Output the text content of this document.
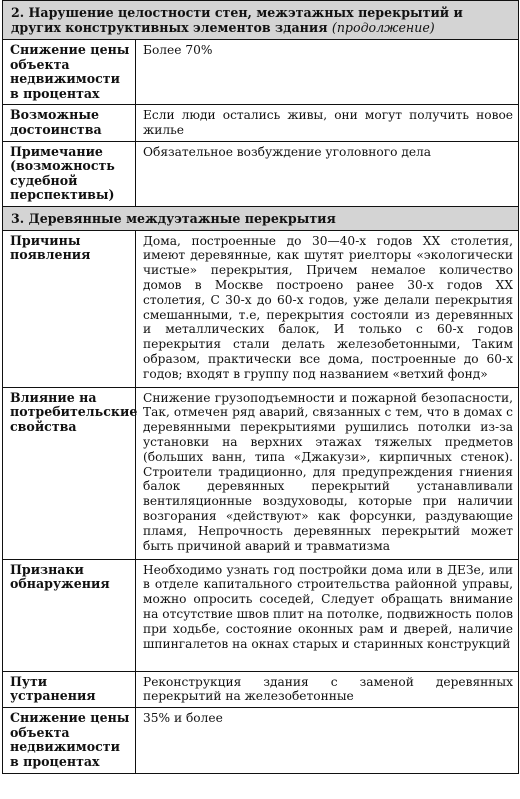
2. Нарушение целостности стен, межэтажных перекрытий и других конструктивных элементов здания (продолжение)	
Снижение цены объекта недвижимости в процентах	Более 70%
Возможные достоинства	Если люди остались живы, они могут получить новое жилье
Примечание (возможность судебной перспективы)	Обязательное возбуждение уголовного дела
3. Деревянные междуэтажные перекрытия	
Причины появления	Дома, построенные до 30—40-х годов XX столетия, имеют деревянные, как шутят риелторы «экологически чистые» перекрытия, Причем немалое количество домов в Москве построено ранее 30-х годов XX столетия, С 30-х до 60-х годов, уже делали перекрытия смешанными, т.е, перекрытия состояли из деревянных и металлических балок, И только с 60-х годов перекрытия стали делать железобетонными, Таким образом, практически все дома, построенные до 60-х годов; входят в группу под названием «ветхий фонд»
Влияние на потребительские свойства	Снижение грузоподъемности и пожарной безопасности, Так, отмечен ряд аварий, связанных с тем, что в домах с деревянными перекрытиями рушились потолки из-за установки на верхних этажах тяжелых предметов (больших ванн, типа «Джакузи», кирпичных стенок). Строители традиционно, для предупреждения гниения балок деревянных перекрытий устанавливали вентиляционные воздуховоды, которые при наличии возгорания «действуют» как форсунки, раздувающие пламя, Непрочность деревянных перекрытий может быть причиной аварий и травматизма
Признаки обнаружения	Необходимо узнать год постройки дома или в ДЕЗе, или в отделе капитального строительства районной управы, можно опросить соседей, Следует обращать внимание на отсутствие швов плит на потолке, подвижность полов при ходьбе, состояние оконных рам и дверей, наличие шпингалетов на окнах старых и старинных конструкций
Пути устранения	Реконструкция здания с заменой деревянных перекрытий на железобетонные
Снижение цены объекта недвижимости в процентах	35% и более
